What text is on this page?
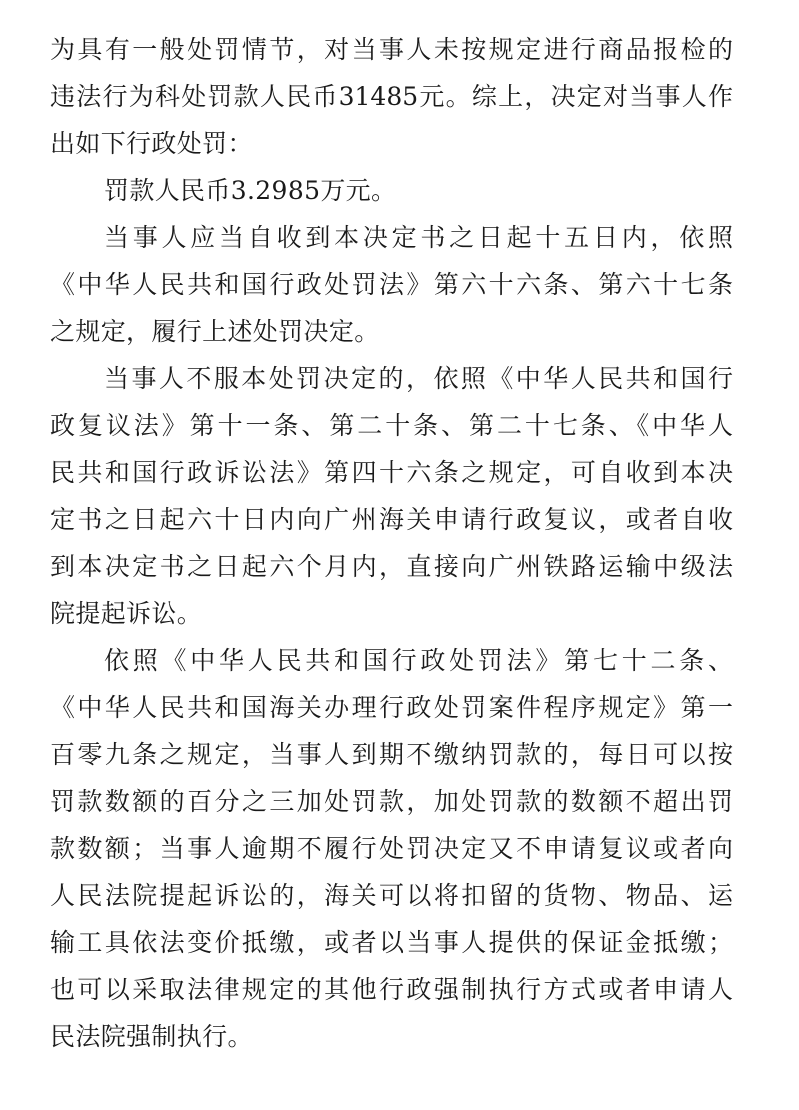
为具有一般处罚情节，对当事人未按规定进行商品报检的
违法行为科处罚款人民币31485元。综上，决定对当事人作
出如下行政处罚：
罚款人民币3.2985万元。
当事人应当自收到本决定书之日起十五日内，依照
《中华人民共和国行政处罚法》第六十六条、第六十七条
之规定，履行上述处罚决定。
当事人不服本处罚决定的，依照《中华人民共和国行
政复议法》第十一条、第二十条、第二十七条、《中华人
民共和国行政诉讼法》第四十六条之规定，可自收到本决
定书之日起六十日内向广州海关申请行政复议，或者自收
到本决定书之日起六个月内，直接向广州铁路运输中级法
院提起诉讼。
依照《中华人民共和国行政处罚法》第七十二条、
《中华人民共和国海关办理行政处罚案件程序规定》第一
百零九条之规定，当事人到期不缴纳罚款的，每日可以按
罚款数额的百分之三加处罚款，加处罚款的数额不超出罚
款数额；当事人逾期不履行处罚决定又不申请复议或者向
人民法院提起诉讼的，海关可以将扣留的货物、物品、运
输工具依法变价抵缴，或者以当事人提供的保证金抵缴；
也可以采取法律规定的其他行政强制执行方式或者申请人
民法院强制执行。
